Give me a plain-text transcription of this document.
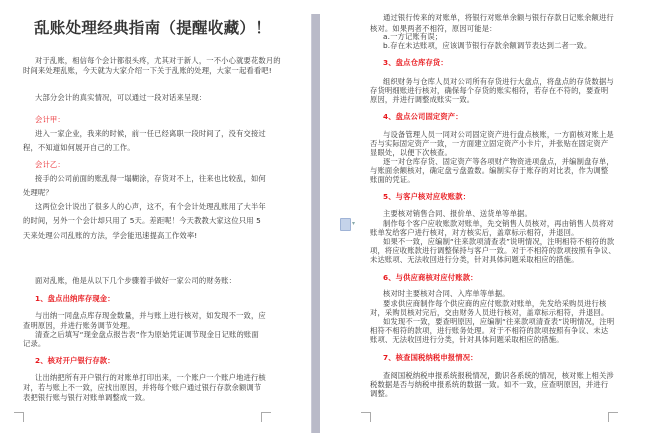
乱账处理经典指南（提醒收藏）！
对于乱账，相信每个会计都很头疼，尤其对于新人，一不小心就要花数月的
时间来处理乱账，今天就为大家介绍一下关于乱账的处理，大家一起看看吧!
大部分会计的真实情况，可以通过一段对话来呈现：
会计甲：
进入一家企业，我来的时候，前一任已经离职一段时间了，没有交接过
程，不知道如何展开自己的工作。
会计乙：
接手的公司前面的账乱得一塌糊涂，存货对不上，往来也比较乱，如何
处理呢？
这两位会计说出了很多人的心声，这不，有个会计处理乱账用了大半年
的时间，另外一个会计却只用了 5天。差距呢！今天教教大家这位只用 5
天来处理公司乱账的方法，学会能迅速提高工作效率!
面对乱账，他是从以下几个步骤着手做好一家公司的财务账：
1、盘点出纳库存现金：
与出纳一同盘点库存现金数量，并与账上进行核对，如发现不一致，应
查明原因，并进行账务调节处理。
清查之后填写“现金盘点报告表”作为原始凭证调节现金日记账的账面
记录。
2、核对开户银行存款：
让出纳把所有开户银行的对账单打印出来，一个账户一个账户地进行核
对，若与账上不一致，应找出原因，并将每个账户通过银行存款余额调节
表把银行账与银行对账单调整成一致。
通过银行传来的对账单，将银行对账单余额与银行存款日记账余额进行
核对。如果两者不相符，原因可能是：
a.一方记账有误；
b.存在未达账项，应该调节银行存款余额调节表达到二者一致。
3、盘点仓库存货：
组织财务与仓库人员对公司所有存货进行大盘点，将盘点的存货数据与
存货明细账进行核对，确保每个存货的账实相符，若存在不符的，要查明
原因，并进行调整成账实一致。
4、盘点公司固定资产：
与设备管理人员一同对公司固定资产进行盘点核账，一方面核对账上是
否与实际固定资产一致，一方面建立固定资产小卡片，并张贴在固定资产
显眼处，以便下次核查。
逐一对仓库存货、固定资产等各项财产物资进项盘点，并编制盘存单，
与账面余额核对，确定盘亏盘盈数。编制实存于账存的对比表，作为调整
账面的凭证。
5、与客户核对应收账款：
主要核对销售合同、报价单、送货单等单据。
制作每个客户应收账款对账单，先交销售人员核对，再由销售人员将对
账单发给客户进行核对，对方核实后，盖章标示相符，并退回。
如果不一致，应编制“往来款项清查表”说明情况，注明相符不相符的款
项，将应收账款进行调整保持与客户一致。对于不相符的款项按照有争议、
未达账项、无法收回进行分类，针对具体问题采取相应的措施。
6、与供应商核对应付账款：
核对时主要核对合同、入库单等单据。
要求供应商制作每个供应商的应付账款对账单，先发给采购员进行核
对，采购员核对完后，交由财务人员进行核对，盖章标示相符，并退回。
如发现不一致，要查明原因，应编制“往来款项清查表”说明情况，注明
相符不相符的款项，进行账务处理。对于不相符的款项按照有争议、未达
账项、无法收回进行分类，针对具体问题采取相应的措施。
7、核查国税纳税申报情况：
查阅国税纳税申报系统报税情况，勤识各系统的情况，核对账上相关涉
税数据是否与纳税申报系统的数据一致。如不一致，应查明原因，并进行
调整。
▾
